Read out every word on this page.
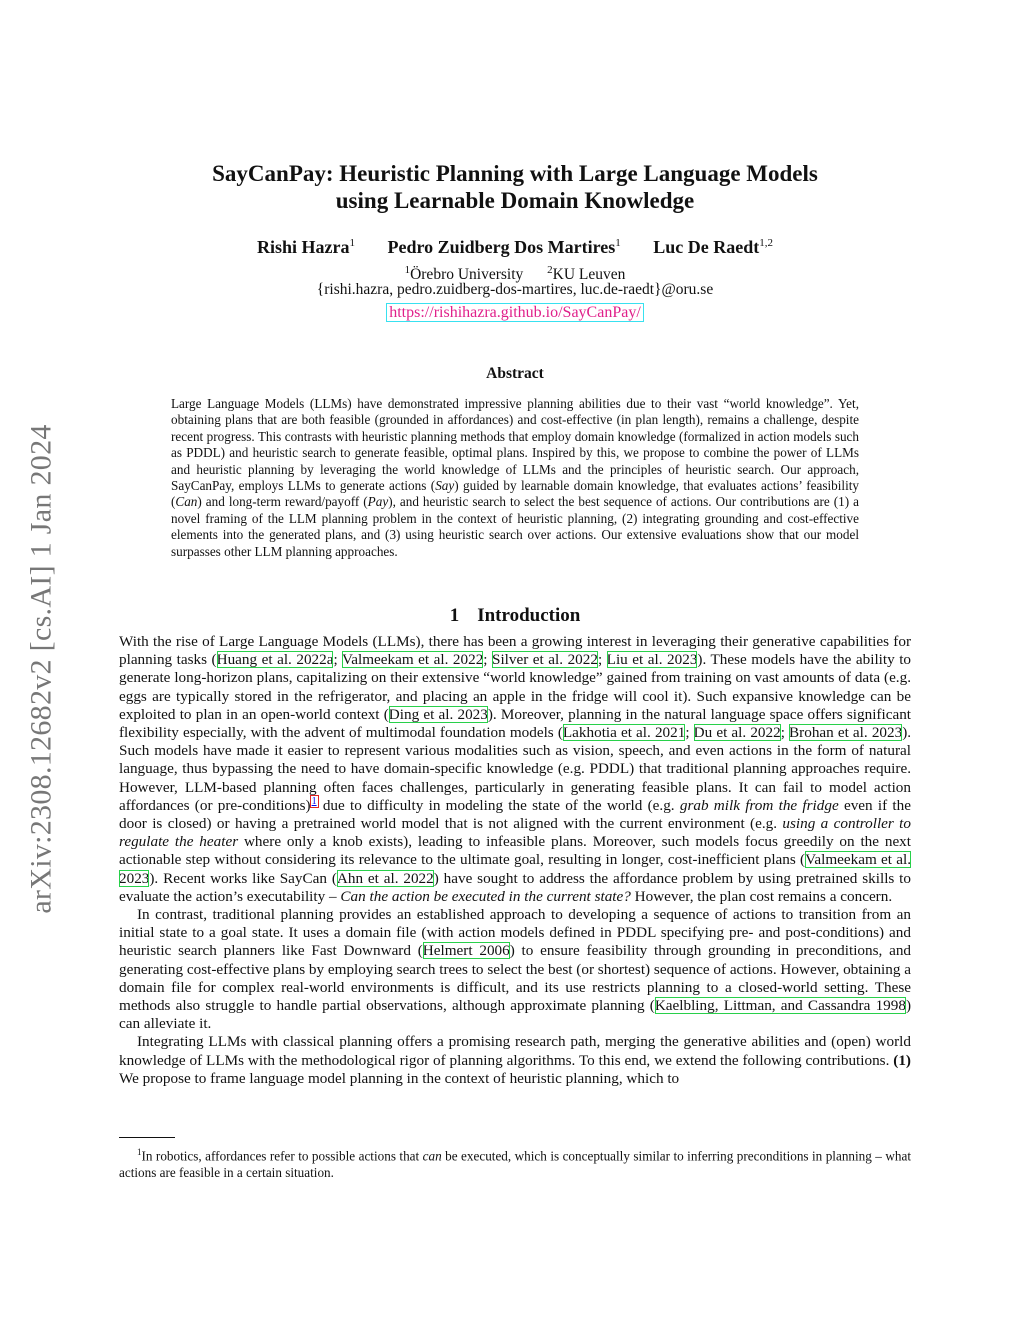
arXiv:2308.12682v2 [cs.AI] 1 Jan 2024
SayCanPay: Heuristic Planning with Large Language Models
using Learnable Domain Knowledge
Rishi Hazra$^1$ Pedro Zuidberg Dos Martires$^1$ Luc De Raedt$^{1,2}$
$^1$Örebro University $^2$KU Leuven
{rishi.hazra, pedro.zuidberg-dos-martires, luc.de-raedt}@oru.se
https://rishihazra.github.io/SayCanPay/
Abstract

Large Language Models (LLMs) have demonstrated impressive planning abilities due to their vast “world knowledge”. Yet, obtaining plans that are both feasible (grounded in affordances) and cost-effective (in plan length), remains a challenge, despite recent progress. This contrasts with heuristic planning methods that employ domain knowledge (formalized in action models such as PDDL) and heuristic search to generate feasible, optimal plans. Inspired by this, we propose to combine the power of LLMs and heuristic planning by leveraging the world knowledge of LLMs and the principles of heuristic search. Our approach, SayCanPay, employs LLMs to generate actions (Say) guided by learnable domain knowledge, that evaluates actions’ feasibility (Can) and long-term reward/payoff (Pay), and heuristic search to select the best sequence of actions. Our contributions are (1) a novel framing of the LLM planning problem in the context of heuristic planning, (2) integrating grounding and cost-effective elements into the generated plans, and (3) using heuristic search over actions. Our extensive evaluations show that our model surpasses other LLM planning approaches.

1 Introduction

With the rise of Large Language Models (LLMs), there has been a growing interest in leveraging their generative capabilities for planning tasks (Huang et al. 2022a; Valmeekam et al. 2022; Silver et al. 2022; Liu et al. 2023). These models have the ability to generate long-horizon plans, capitalizing on their extensive “world knowledge” gained from training on vast amounts of data (e.g. eggs are typically stored in the refrigerator, and placing an apple in the fridge will cool it). Such expansive knowledge can be exploited to plan in an open-world context (Ding et al. 2023). Moreover, planning in the natural language space offers significant flexibility especially, with the advent of multimodal foundation models (Lakhotia et al. 2021; Du et al. 2022; Brohan et al. 2023). Such models have made it easier to represent various modalities such as vision, speech, and even actions in the form of natural language, thus bypassing the need to have domain-specific knowledge (e.g. PDDL) that traditional planning approaches require. However, LLM-based planning often faces challenges, particularly in generating feasible plans. It can fail to model action affordances (or pre-conditions)$^1$ due to difficulty in modeling the state of the world (e.g. grab milk from the fridge even if the door is closed) or having a pretrained world model that is not aligned with the current environment (e.g. using a controller to regulate the heater where only a knob exists), leading to infeasible plans. Moreover, such models focus greedily on the next actionable step without considering its relevance to the ultimate goal, resulting in longer, cost-inefficient plans (Valmeekam et al. 2023). Recent works like SayCan (Ahn et al. 2022) have sought to address the affordance problem by using pretrained skills to evaluate the action’s executability – Can the action be executed in the current state? However, the plan cost remains a concern.

In contrast, traditional planning provides an established approach to developing a sequence of actions to transition from an initial state to a goal state. It uses a domain file (with action models defined in PDDL specifying pre- and post-conditions) and heuristic search planners like Fast Downward (Helmert 2006) to ensure feasibility through grounding in preconditions, and generating cost-effective plans by employing search trees to select the best (or shortest) sequence of actions. However, obtaining a domain file for complex real-world environments is difficult, and its use restricts planning to a closed-world setting. These methods also struggle to handle partial observations, although approximate planning (Kaelbling, Littman, and Cassandra 1998) can alleviate it.

Integrating LLMs with classical planning offers a promising research path, merging the generative abilities and (open) world knowledge of LLMs with the methodological rigor of planning algorithms. To this end, we extend the following contributions. (1) We propose to frame language model planning in the context of heuristic planning, which to

$^1$In robotics, affordances refer to possible actions that can be executed, which is conceptually similar to inferring preconditions in planning – what actions are feasible in a certain situation.
